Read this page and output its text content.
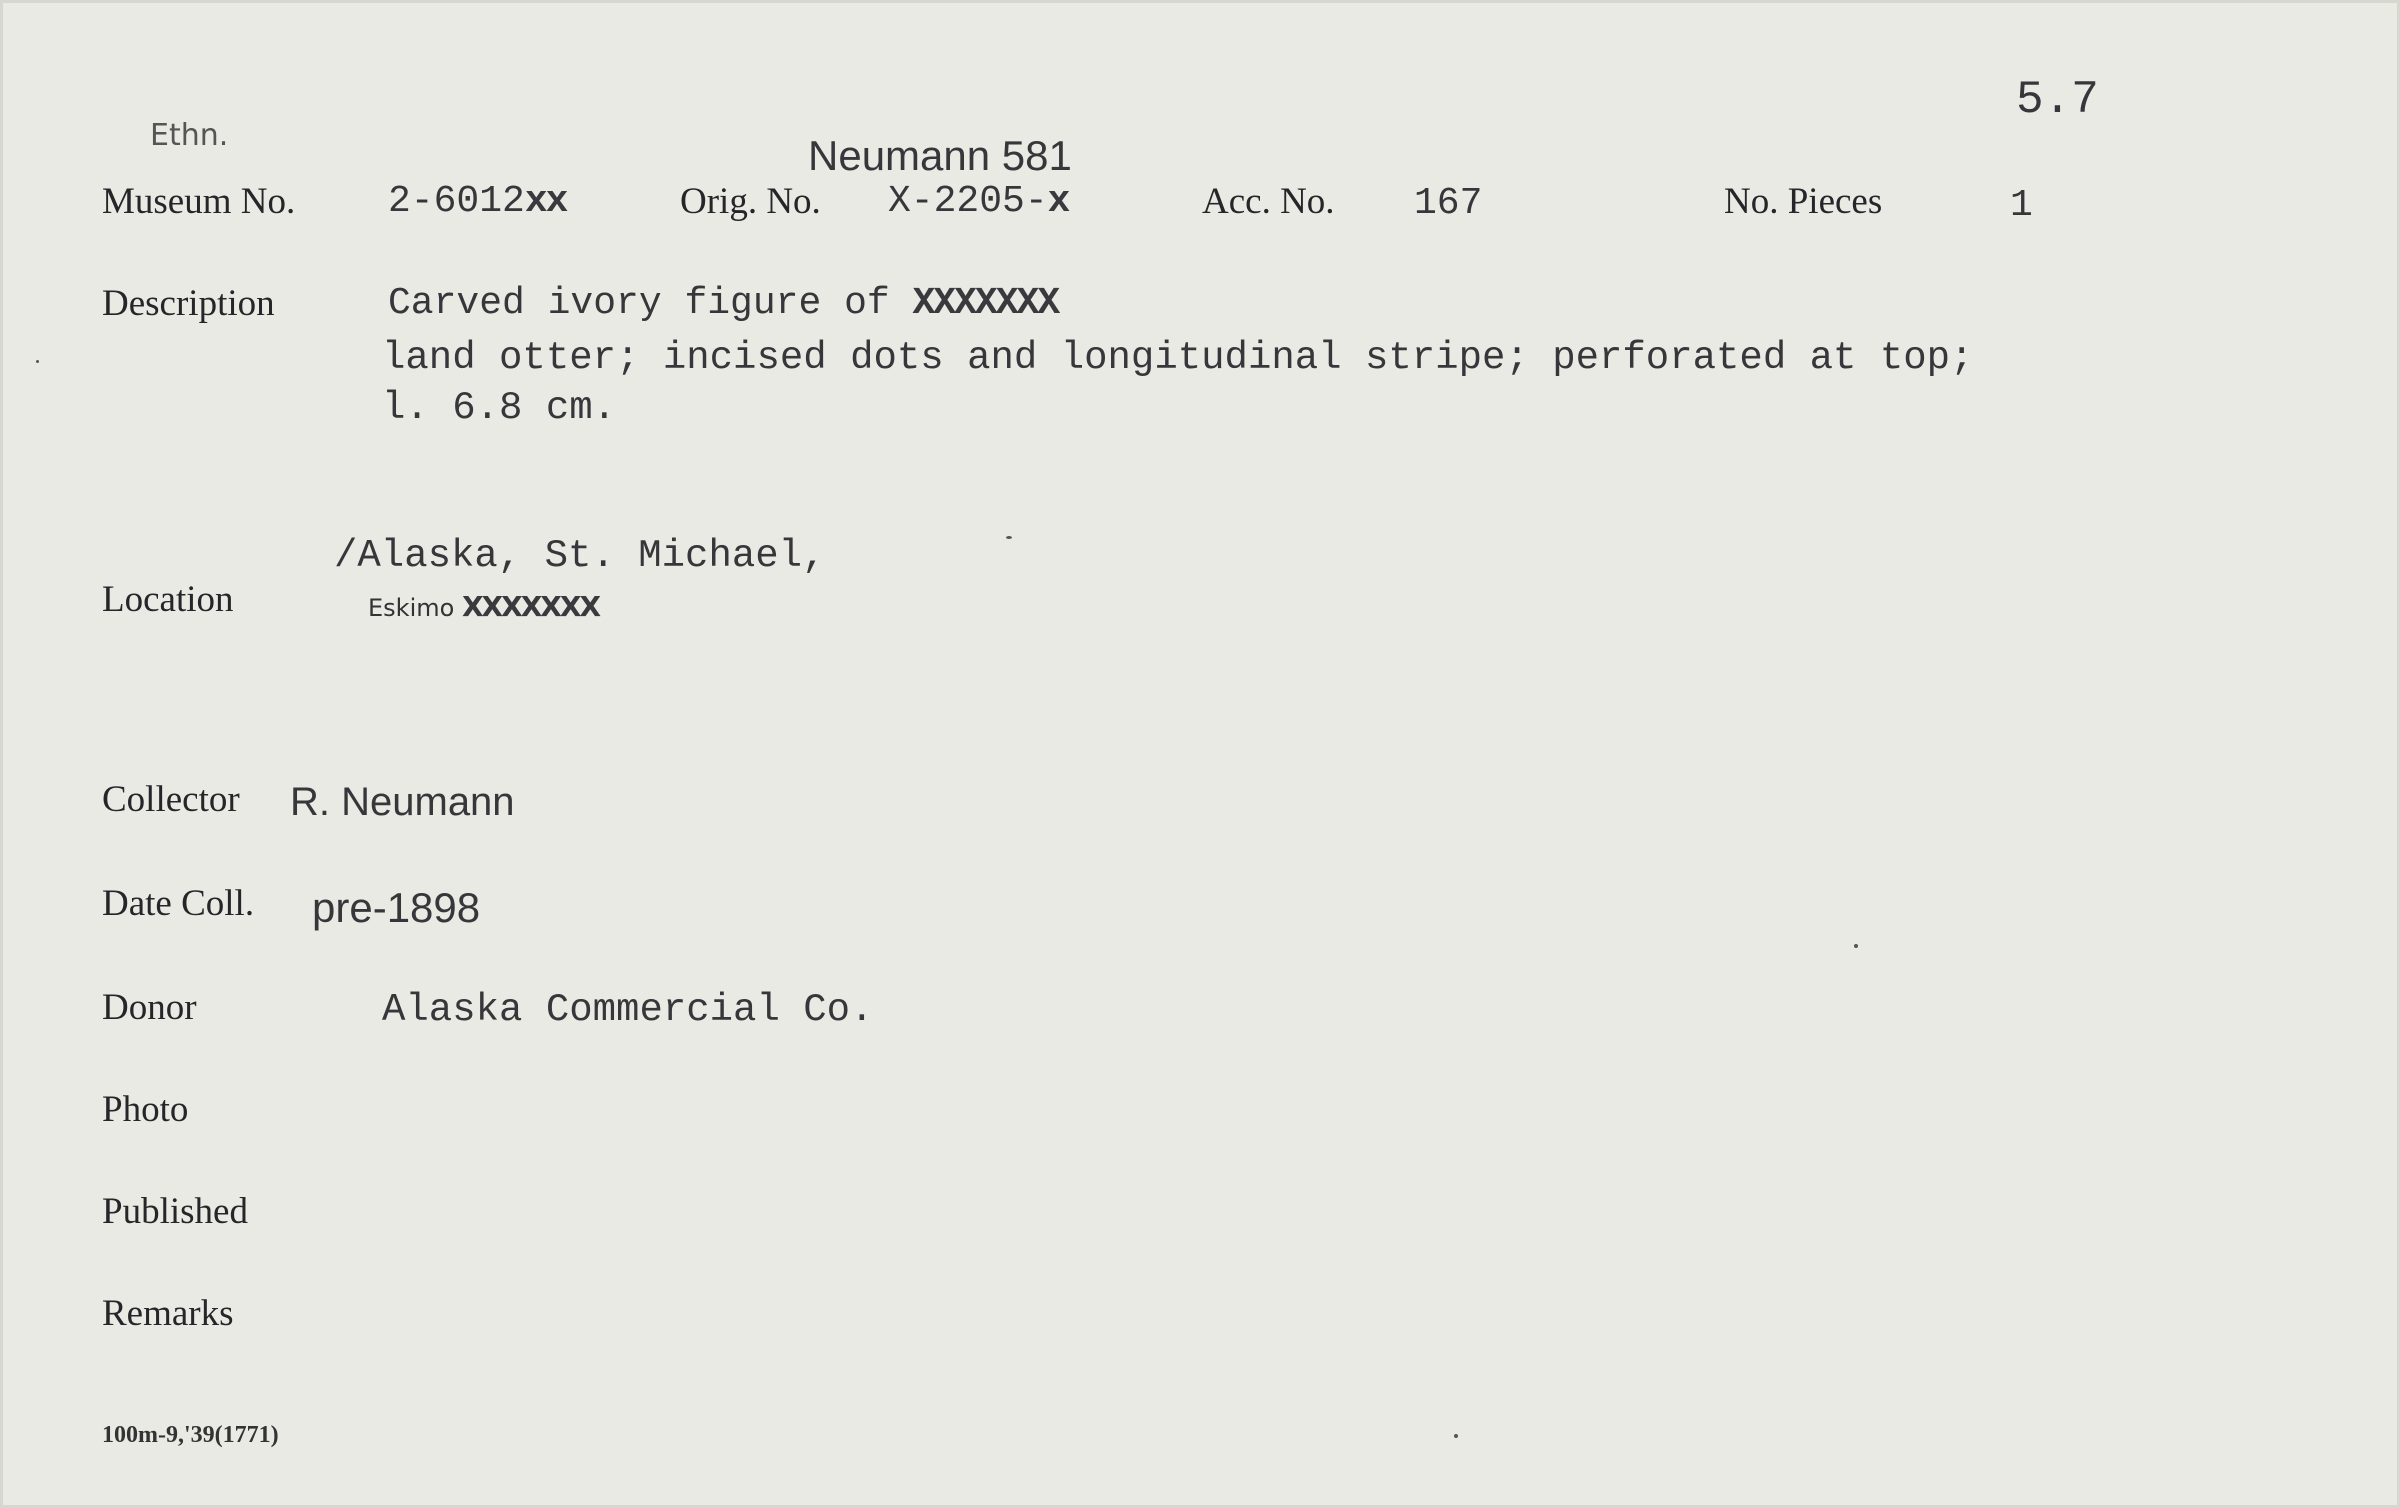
Ethn.
5.7
Neumann 581
Museum No. 2-6012xx	Orig. No. X-2205-x	Acc. No. 167	No. Pieces	1
Description	Carved ivory figure of XXXXXXX
land otter; incised dots and longitudinal stripe; perforated at top;
l. 6.8 cm.
Location
/Alaska, St. Michael,
Eskimo XXXXXXX
Collector R. Neumann
Date Coll. pre-1898
Donor	Alaska Commercial Co.
Photo
Published
Remarks
100m-9,'39(1771)
